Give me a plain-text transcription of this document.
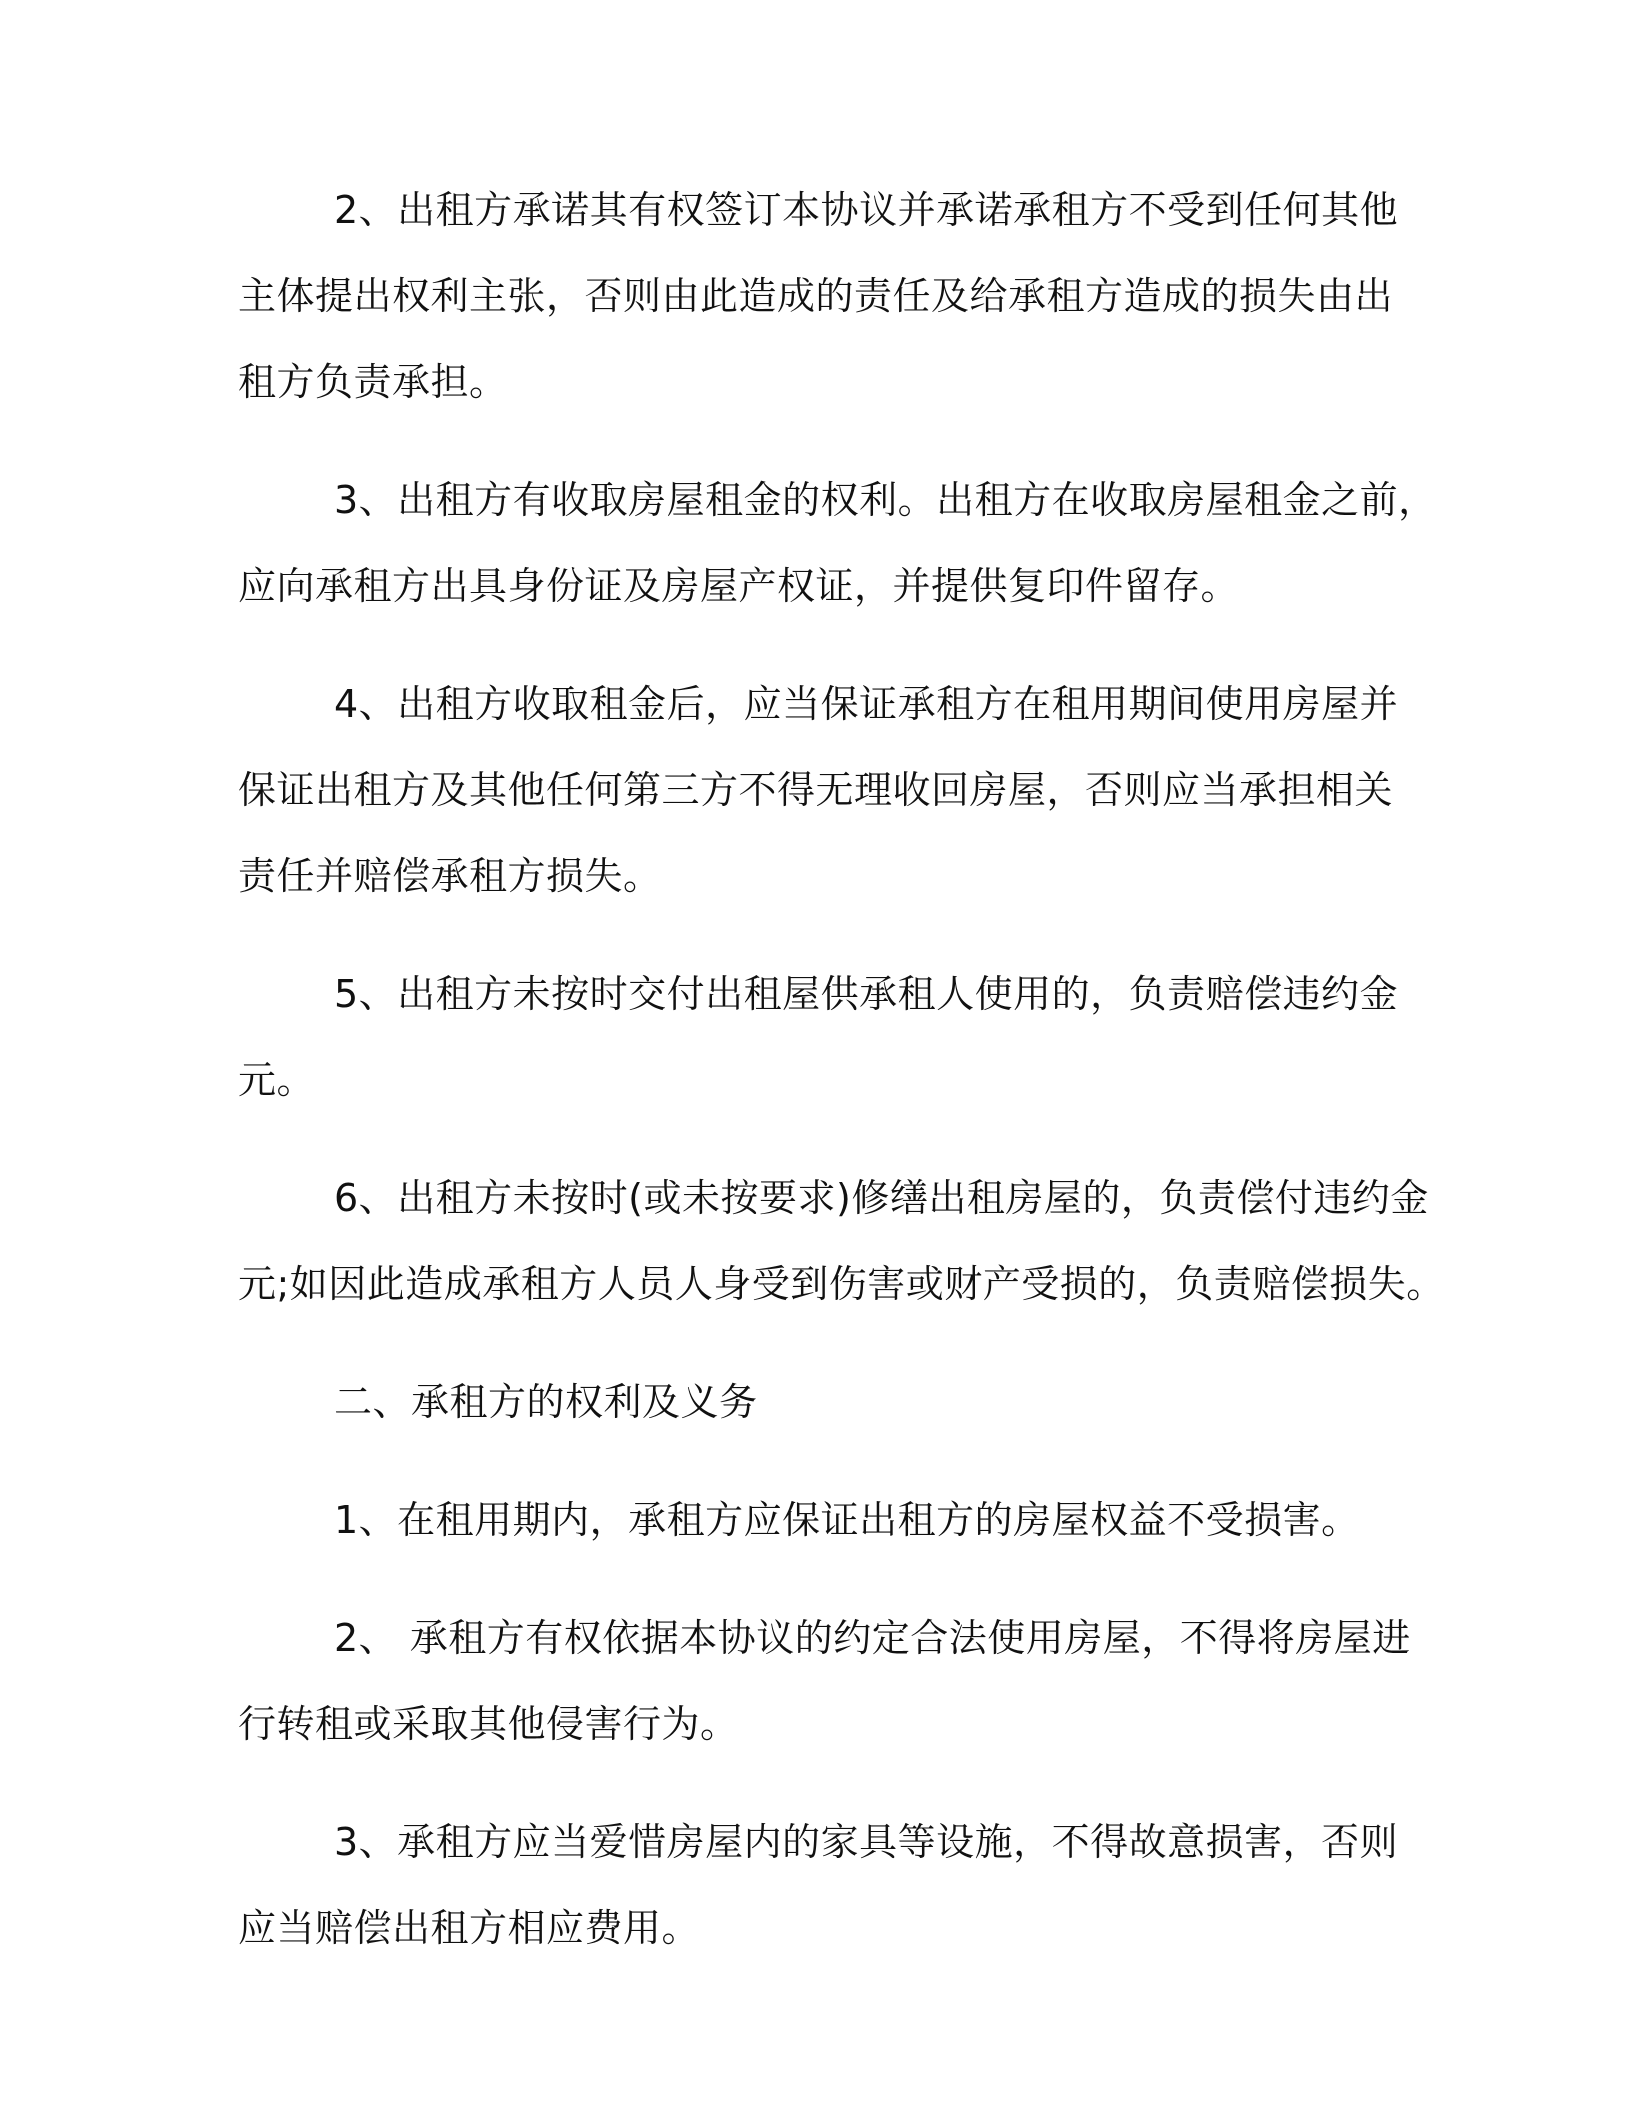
2、出租方承诺其有权签订本协议并承诺承租方不受到任何其他
主体提出权利主张，否则由此造成的责任及给承租方造成的损失由出
租方负责承担。
3、出租方有收取房屋租金的权利。出租方在收取房屋租金之前，
应向承租方出具身份证及房屋产权证，并提供复印件留存。
4、出租方收取租金后，应当保证承租方在租用期间使用房屋并
保证出租方及其他任何第三方不得无理收回房屋，否则应当承担相关
责任并赔偿承租方损失。
5、出租方未按时交付出租屋供承租人使用的，负责赔偿违约金
元。
6、出租方未按时(或未按要求)修缮出租房屋的，负责偿付违约金
元;如因此造成承租方人员人身受到伤害或财产受损的，负责赔偿损失。
二、承租方的权利及义务
1、在租用期内，承租方应保证出租方的房屋权益不受损害。
2、 承租方有权依据本协议的约定合法使用房屋，不得将房屋进
行转租或采取其他侵害行为。
3、承租方应当爱惜房屋内的家具等设施，不得故意损害，否则
应当赔偿出租方相应费用。
